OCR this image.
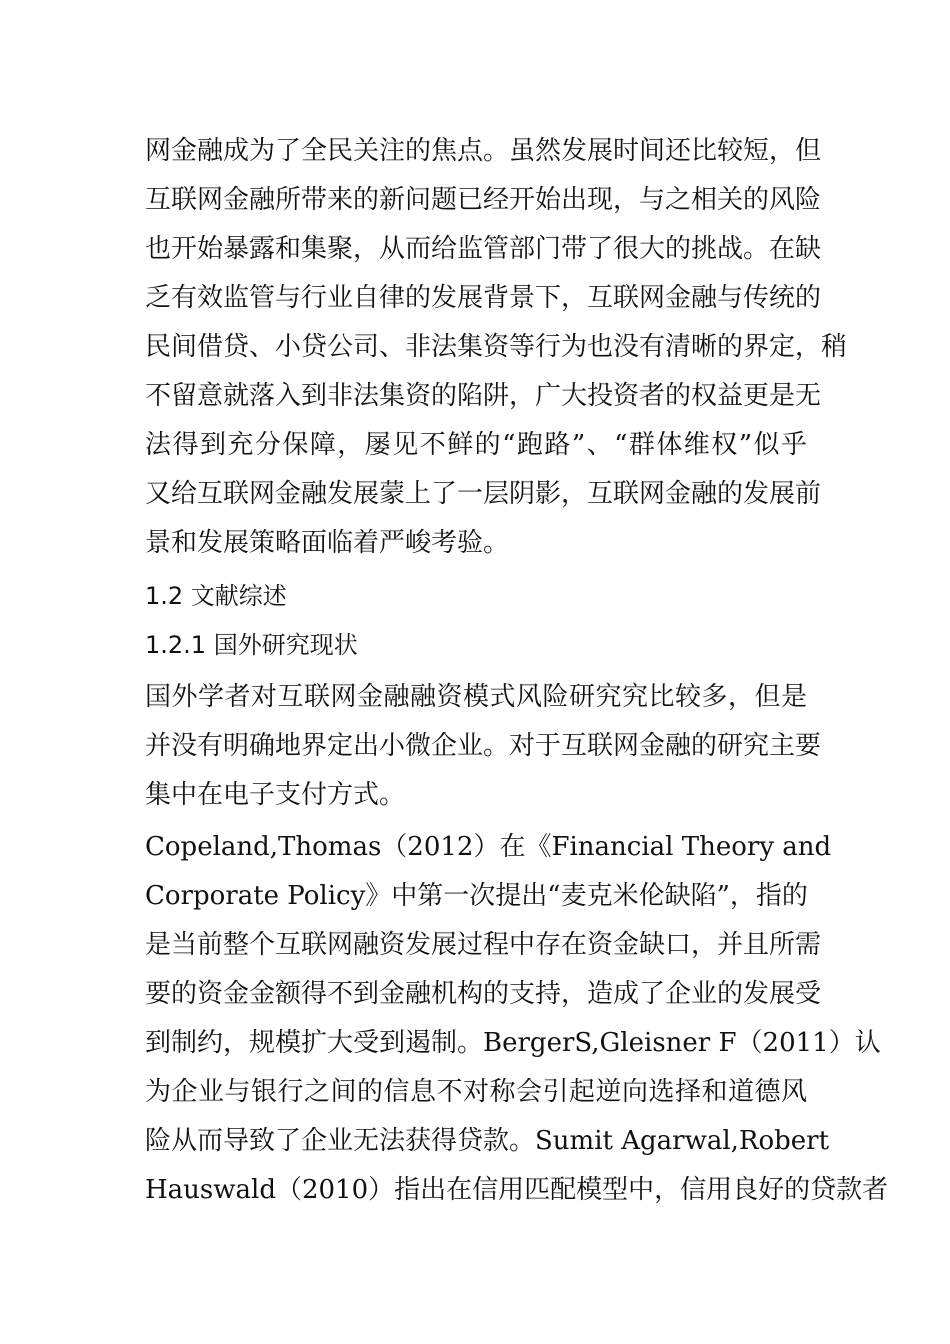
网金融成为了全民关注的焦点。虽然发展时间还比较短，但
互联网金融所带来的新问题已经开始出现，与之相关的风险
也开始暴露和集聚，从而给监管部门带了很大的挑战。在缺
乏有效监管与行业自律的发展背景下，互联网金融与传统的
民间借贷、小贷公司、非法集资等行为也没有清晰的界定，稍
不留意就落入到非法集资的陷阱，广大投资者的权益更是无
法得到充分保障，屡见不鲜的“跑路”、“群体维权”似乎
又给互联网金融发展蒙上了一层阴影，互联网金融的发展前
景和发展策略面临着严峻考验。
1.2 文献综述
1.2.1 国外研究现状
国外学者对互联网金融融资模式风险研究究比较多，但是
并没有明确地界定出小微企业。对于互联网金融的研究主要
集中在电子支付方式。
Copeland,Thomas（2012）在《Financial Theory and
Corporate Policy》中第一次提出“麦克米伦缺陷”，指的
是当前整个互联网融资发展过程中存在资金缺口，并且所需
要的资金金额得不到金融机构的支持，造成了企业的发展受
到制约，规模扩大受到遏制。BergerS,Gleisner F（2011）认
为企业与银行之间的信息不对称会引起逆向选择和道德风
险从而导致了企业无法获得贷款。Sumit Agarwal,Robert
Hauswald（2010）指出在信用匹配模型中，信用良好的贷款者
